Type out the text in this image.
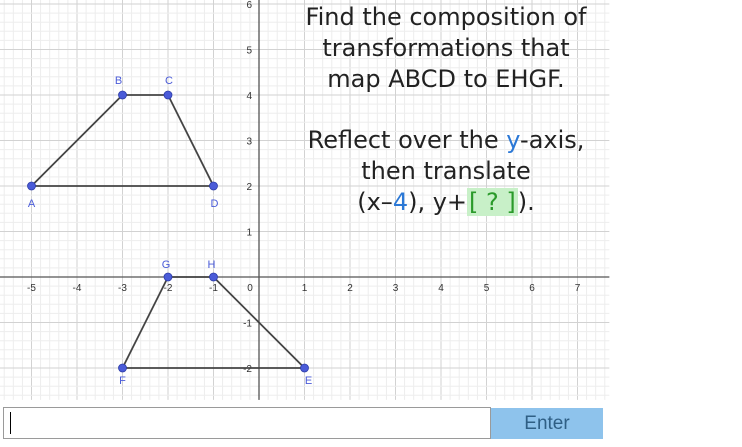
-5	-4	-3	-2	-1	0	1	2	3	4	5	6	7
-2
-1
1
2
3
4
5
6
A
B	C
D
G	H
E
F

Find the composition of

transformations that

map ABCD to EHGF.

Reflect over the y-axis,

then translate

(x–4), y+[ ? ]).

Enter
